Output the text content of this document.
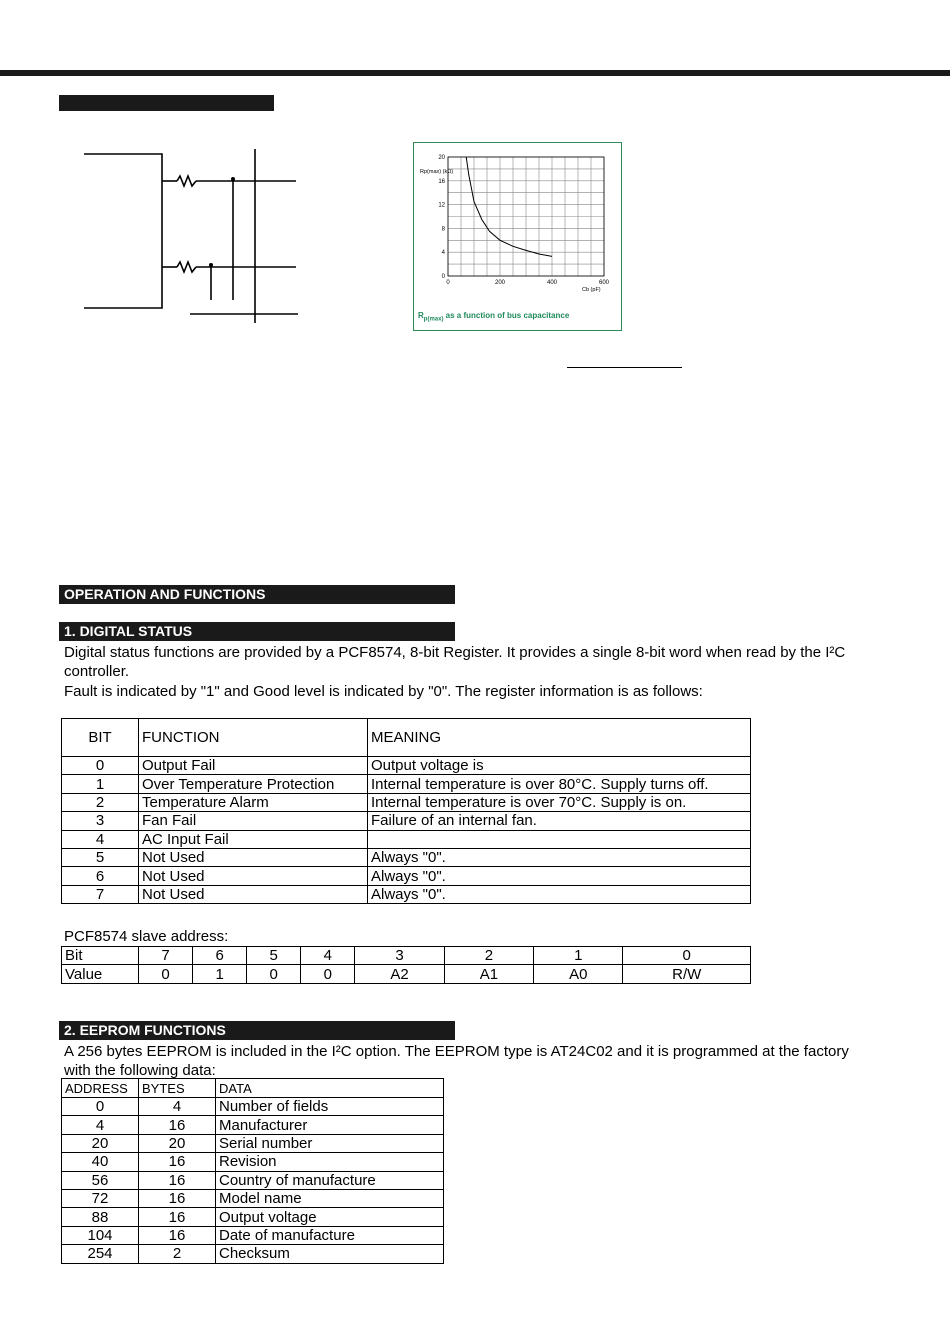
0	200	400	600
0
4
8
12
16
20
Rp(max) (kΩ)
Cb (pF)
$R_{p(max)}$ as a function of bus capacitance
OPERATION AND FUNCTIONS
1. DIGITAL STATUS
Digital status functions are provided by a PCF8574, 8-bit Register. It provides a single 8-bit word when read by the I²C
controller.
Fault is indicated by "1" and Good level is indicated by "0". The register information is as follows:
BIT	FUNCTION	MEANING
0	Output Fail	Output voltage is
1	Over Temperature Protection	Internal temperature is over 80°C. Supply turns off.
2	Temperature Alarm	Internal temperature is over 70°C. Supply is on.
3	Fan Fail	Failure of an internal fan.
4	AC Input Fail	
5	Not Used	Always "0".
6	Not Used	Always "0".
7	Not Used	Always "0".
PCF8574 slave address:
Bit	7	6	5	4	3	2	1	0
Value	0	1	0	0	A2	A1	A0	R/W
2. EEPROM FUNCTIONS
A 256 bytes EEPROM is included in the I²C option. The EEPROM type is AT24C02 and it is programmed at the factory
with the following data:
ADDRESS	BYTES	DATA
0	4	Number of fields
4	16	Manufacturer
20	20	Serial number
40	16	Revision
56	16	Country of manufacture
72	16	Model name
88	16	Output voltage
104	16	Date of manufacture
254	2	Checksum
